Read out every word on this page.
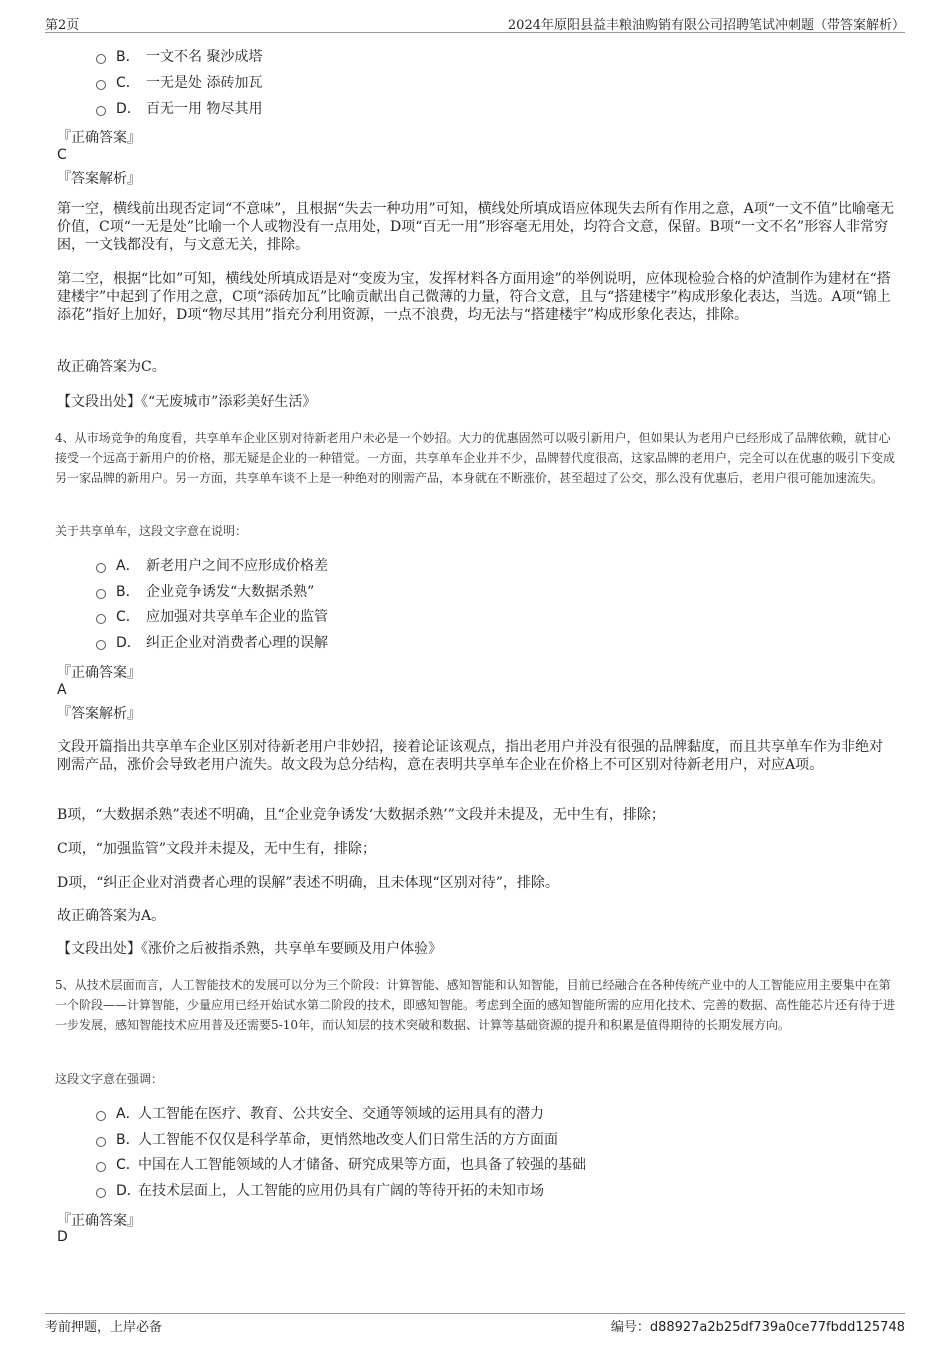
第2页	2024年原阳县益丰粮油购销有限公司招聘笔试冲刺题（带答案解析）
B． 一文不名 聚沙成塔
C． 一无是处 添砖加瓦
D． 百无一用 物尽其用
『正确答案』
C
『答案解析』
第一空，横线前出现否定词“不意味”，且根据“失去一种功用”可知，横线处所填成语应体现失去所有作用之意，A项“一文不值”比喻毫无价值，C项“一无是处”比喻一个人或物没有一点用处，D项“百无一用”形容毫无用处，均符合文意，保留。B项“一文不名”形容人非常穷困，一文钱都没有，与文意无关，排除。
第二空，根据“比如”可知，横线处所填成语是对“变废为宝，发挥材料各方面用途”的举例说明，应体现检验合格的炉渣制作为建材在“搭建楼宇”中起到了作用之意，C项“添砖加瓦”比喻贡献出自己微薄的力量，符合文意，且与“搭建楼宇”构成形象化表达，当选。A项“锦上添花”指好上加好，D项“物尽其用”指充分利用资源，一点不浪费，均无法与“搭建楼宇”构成形象化表达，排除。
故正确答案为C。
【文段出处】《“无废城市”添彩美好生活》
4、从市场竞争的角度看，共享单车企业区别对待新老用户未必是一个妙招。大力的优惠固然可以吸引新用户，但如果认为老用户已经形成了品牌依赖，就甘心接受一个远高于新用户的价格，那无疑是企业的一种错觉。一方面，共享单车企业并不少，品牌替代度很高，这家品牌的老用户，完全可以在优惠的吸引下变成另一家品牌的新用户。另一方面，共享单车谈不上是一种绝对的刚需产品，本身就在不断涨价，甚至超过了公交，那么没有优惠后，老用户很可能加速流失。
关于共享单车，这段文字意在说明：
A． 新老用户之间不应形成价格差
B． 企业竞争诱发“大数据杀熟”
C． 应加强对共享单车企业的监管
D． 纠正企业对消费者心理的误解
『正确答案』
A
『答案解析』
文段开篇指出共享单车企业区别对待新老用户非妙招，接着论证该观点，指出老用户并没有很强的品牌黏度，而且共享单车作为非绝对刚需产品，涨价会导致老用户流失。故文段为总分结构，意在表明共享单车企业在价格上不可区别对待新老用户，对应A项。
B项，“大数据杀熟”表述不明确，且“企业竞争诱发‘大数据杀熟’”文段并未提及，无中生有，排除；
C项，“加强监管”文段并未提及，无中生有，排除；
D项，“纠正企业对消费者心理的误解”表述不明确，且未体现“区别对待”，排除。
故正确答案为A。
【文段出处】《涨价之后被指杀熟，共享单车要顾及用户体验》
5、从技术层面而言，人工智能技术的发展可以分为三个阶段：计算智能、感知智能和认知智能，目前已经融合在各种传统产业中的人工智能应用主要集中在第一个阶段——计算智能，少量应用已经开始试水第二阶段的技术，即感知智能。考虑到全面的感知智能所需的应用化技术、完善的数据、高性能芯片还有待于进一步发展，感知智能技术应用普及还需要5-10年，而认知层的技术突破和数据、计算等基础资源的提升和积累是值得期待的长期发展方向。
这段文字意在强调：
A．
人工智能在医疗、教育、公共安全、交通等领域的运用具有的潜力
B．
人工智能不仅仅是科学革命，更悄然地改变人们日常生活的方方面面
C．
中国在人工智能领域的人才储备、研究成果等方面，也具备了较强的基础
D．
在技术层面上，人工智能的应用仍具有广阔的等待开拓的未知市场
『正确答案』
D
考前押题，上岸必备	编号：d88927a2b25df739a0ce77fbdd125748
